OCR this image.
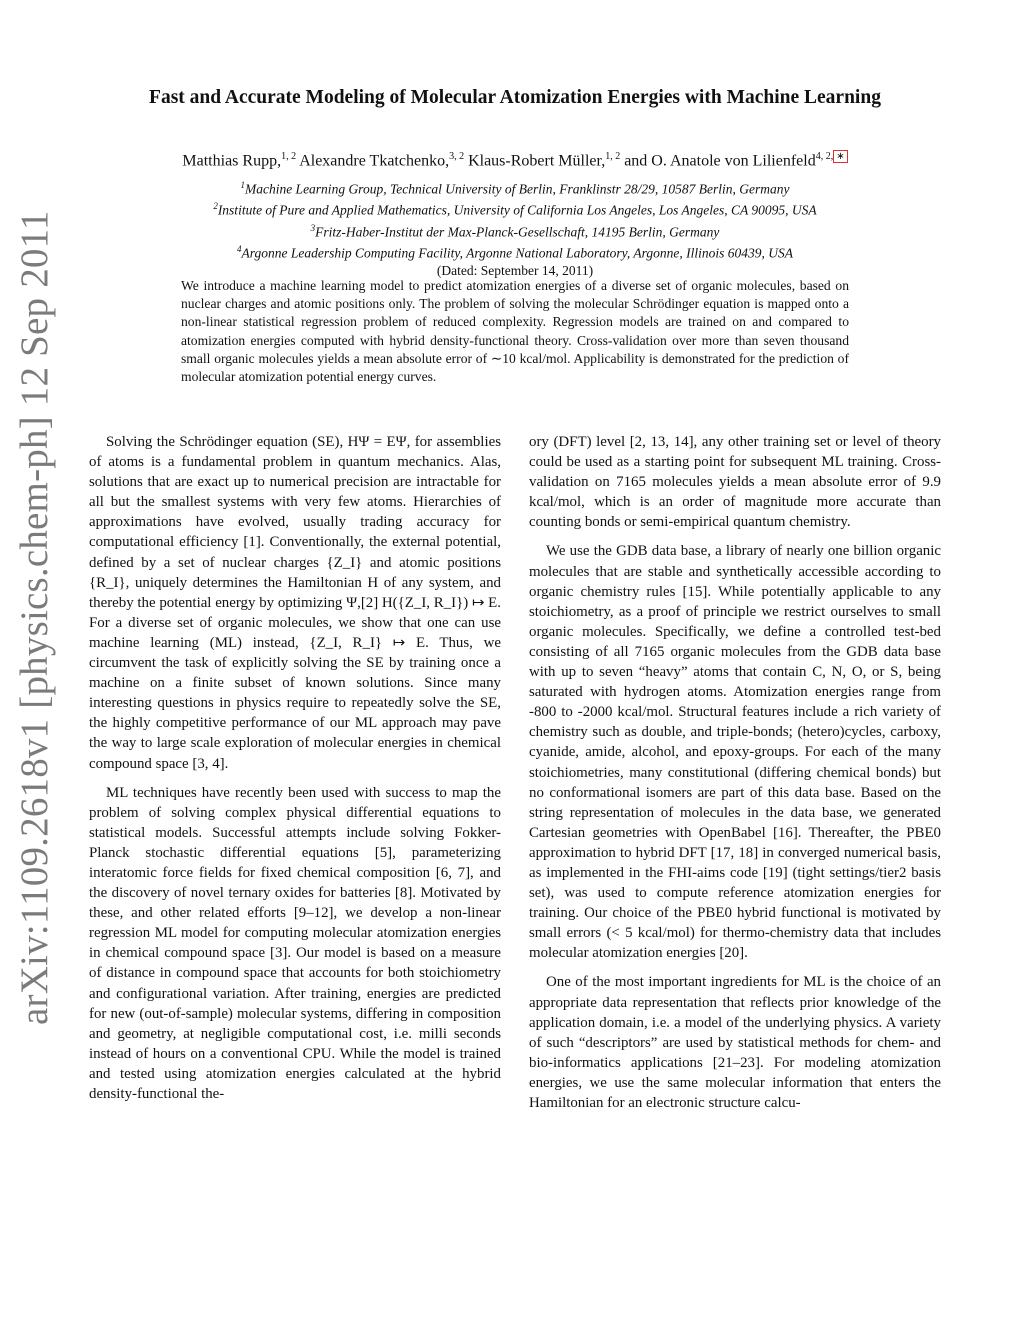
arXiv:1109.2618v1 [physics.chem-ph] 12 Sep 2011
Fast and Accurate Modeling of Molecular Atomization Energies with Machine Learning
Matthias Rupp,$^{1, 2}$ Alexandre Tkatchenko,$^{3, 2}$ Klaus-Robert Müller,$^{1, 2}$ and O. Anatole von Lilienfeld$^{4, 2, ∗}$
$^1$Machine Learning Group, Technical University of Berlin, Franklinstr 28/29, 10587 Berlin, Germany
$^2$Institute of Pure and Applied Mathematics, University of California Los Angeles, Los Angeles, CA 90095, USA
$^3$Fritz-Haber-Institut der Max-Planck-Gesellschaft, 14195 Berlin, Germany
$^4$Argonne Leadership Computing Facility, Argonne National Laboratory, Argonne, Illinois 60439, USA
(Dated: September 14, 2011)
We introduce a machine learning model to predict atomization energies of a diverse set of organic molecules, based on nuclear charges and atomic positions only. The problem of solving the molecular Schrödinger equation is mapped onto a non-linear statistical regression problem of reduced complexity. Regression models are trained on and compared to atomization energies computed with hybrid density-functional theory. Cross-validation over more than seven thousand small organic molecules yields a mean absolute error of ∼10 kcal/mol. Applicability is demonstrated for the prediction of molecular atomization potential energy curves.

Solving the Schrödinger equation (SE), HΨ = EΨ, for assemblies of atoms is a fundamental problem in quantum mechanics. Alas, solutions that are exact up to numerical precision are intractable for all but the smallest systems with very few atoms. Hierarchies of approximations have evolved, usually trading accuracy for computational efficiency [1]. Conventionally, the external potential, defined by a set of nuclear charges {Z_I} and atomic positions {R_I}, uniquely determines the Hamiltonian H of any system, and thereby the potential energy by optimizing Ψ,[2] H({Z_I, R_I}) ↦ E. For a diverse set of organic molecules, we show that one can use machine learning (ML) instead, {Z_I, R_I} ↦ E. Thus, we circumvent the task of explicitly solving the SE by training once a machine on a finite subset of known solutions. Since many interesting questions in physics require to repeatedly solve the SE, the highly competitive performance of our ML approach may pave the way to large scale exploration of molecular energies in chemical compound space [3, 4].

ML techniques have recently been used with success to map the problem of solving complex physical differential equations to statistical models. Successful attempts include solving Fokker-Planck stochastic differential equations [5], parameterizing interatomic force fields for fixed chemical composition [6, 7], and the discovery of novel ternary oxides for batteries [8]. Motivated by these, and other related efforts [9–12], we develop a non-linear regression ML model for computing molecular atomization energies in chemical compound space [3]. Our model is based on a measure of distance in compound space that accounts for both stoichiometry and configurational variation. After training, energies are predicted for new (out-of-sample) molecular systems, differing in composition and geometry, at negligible computational cost, i.e. milli seconds instead of hours on a conventional CPU. While the model is trained and tested using atomization energies calculated at the hybrid density-functional the-

ory (DFT) level [2, 13, 14], any other training set or level of theory could be used as a starting point for subsequent ML training. Cross-validation on 7165 molecules yields a mean absolute error of 9.9 kcal/mol, which is an order of magnitude more accurate than counting bonds or semi-empirical quantum chemistry.

We use the GDB data base, a library of nearly one billion organic molecules that are stable and synthetically accessible according to organic chemistry rules [15]. While potentially applicable to any stoichiometry, as a proof of principle we restrict ourselves to small organic molecules. Specifically, we define a controlled test-bed consisting of all 7165 organic molecules from the GDB data base with up to seven “heavy” atoms that contain C, N, O, or S, being saturated with hydrogen atoms. Atomization energies range from -800 to -2000 kcal/mol. Structural features include a rich variety of chemistry such as double, and triple-bonds; (hetero)cycles, carboxy, cyanide, amide, alcohol, and epoxy-groups. For each of the many stoichiometries, many constitutional (differing chemical bonds) but no conformational isomers are part of this data base. Based on the string representation of molecules in the data base, we generated Cartesian geometries with OpenBabel [16]. Thereafter, the PBE0 approximation to hybrid DFT [17, 18] in converged numerical basis, as implemented in the FHI-aims code [19] (tight settings/tier2 basis set), was used to compute reference atomization energies for training. Our choice of the PBE0 hybrid functional is motivated by small errors (< 5 kcal/mol) for thermo-chemistry data that includes molecular atomization energies [20].

One of the most important ingredients for ML is the choice of an appropriate data representation that reflects prior knowledge of the application domain, i.e. a model of the underlying physics. A variety of such “descriptors” are used by statistical methods for chem- and bio-informatics applications [21–23]. For modeling atomization energies, we use the same molecular information that enters the Hamiltonian for an electronic structure calcu-
